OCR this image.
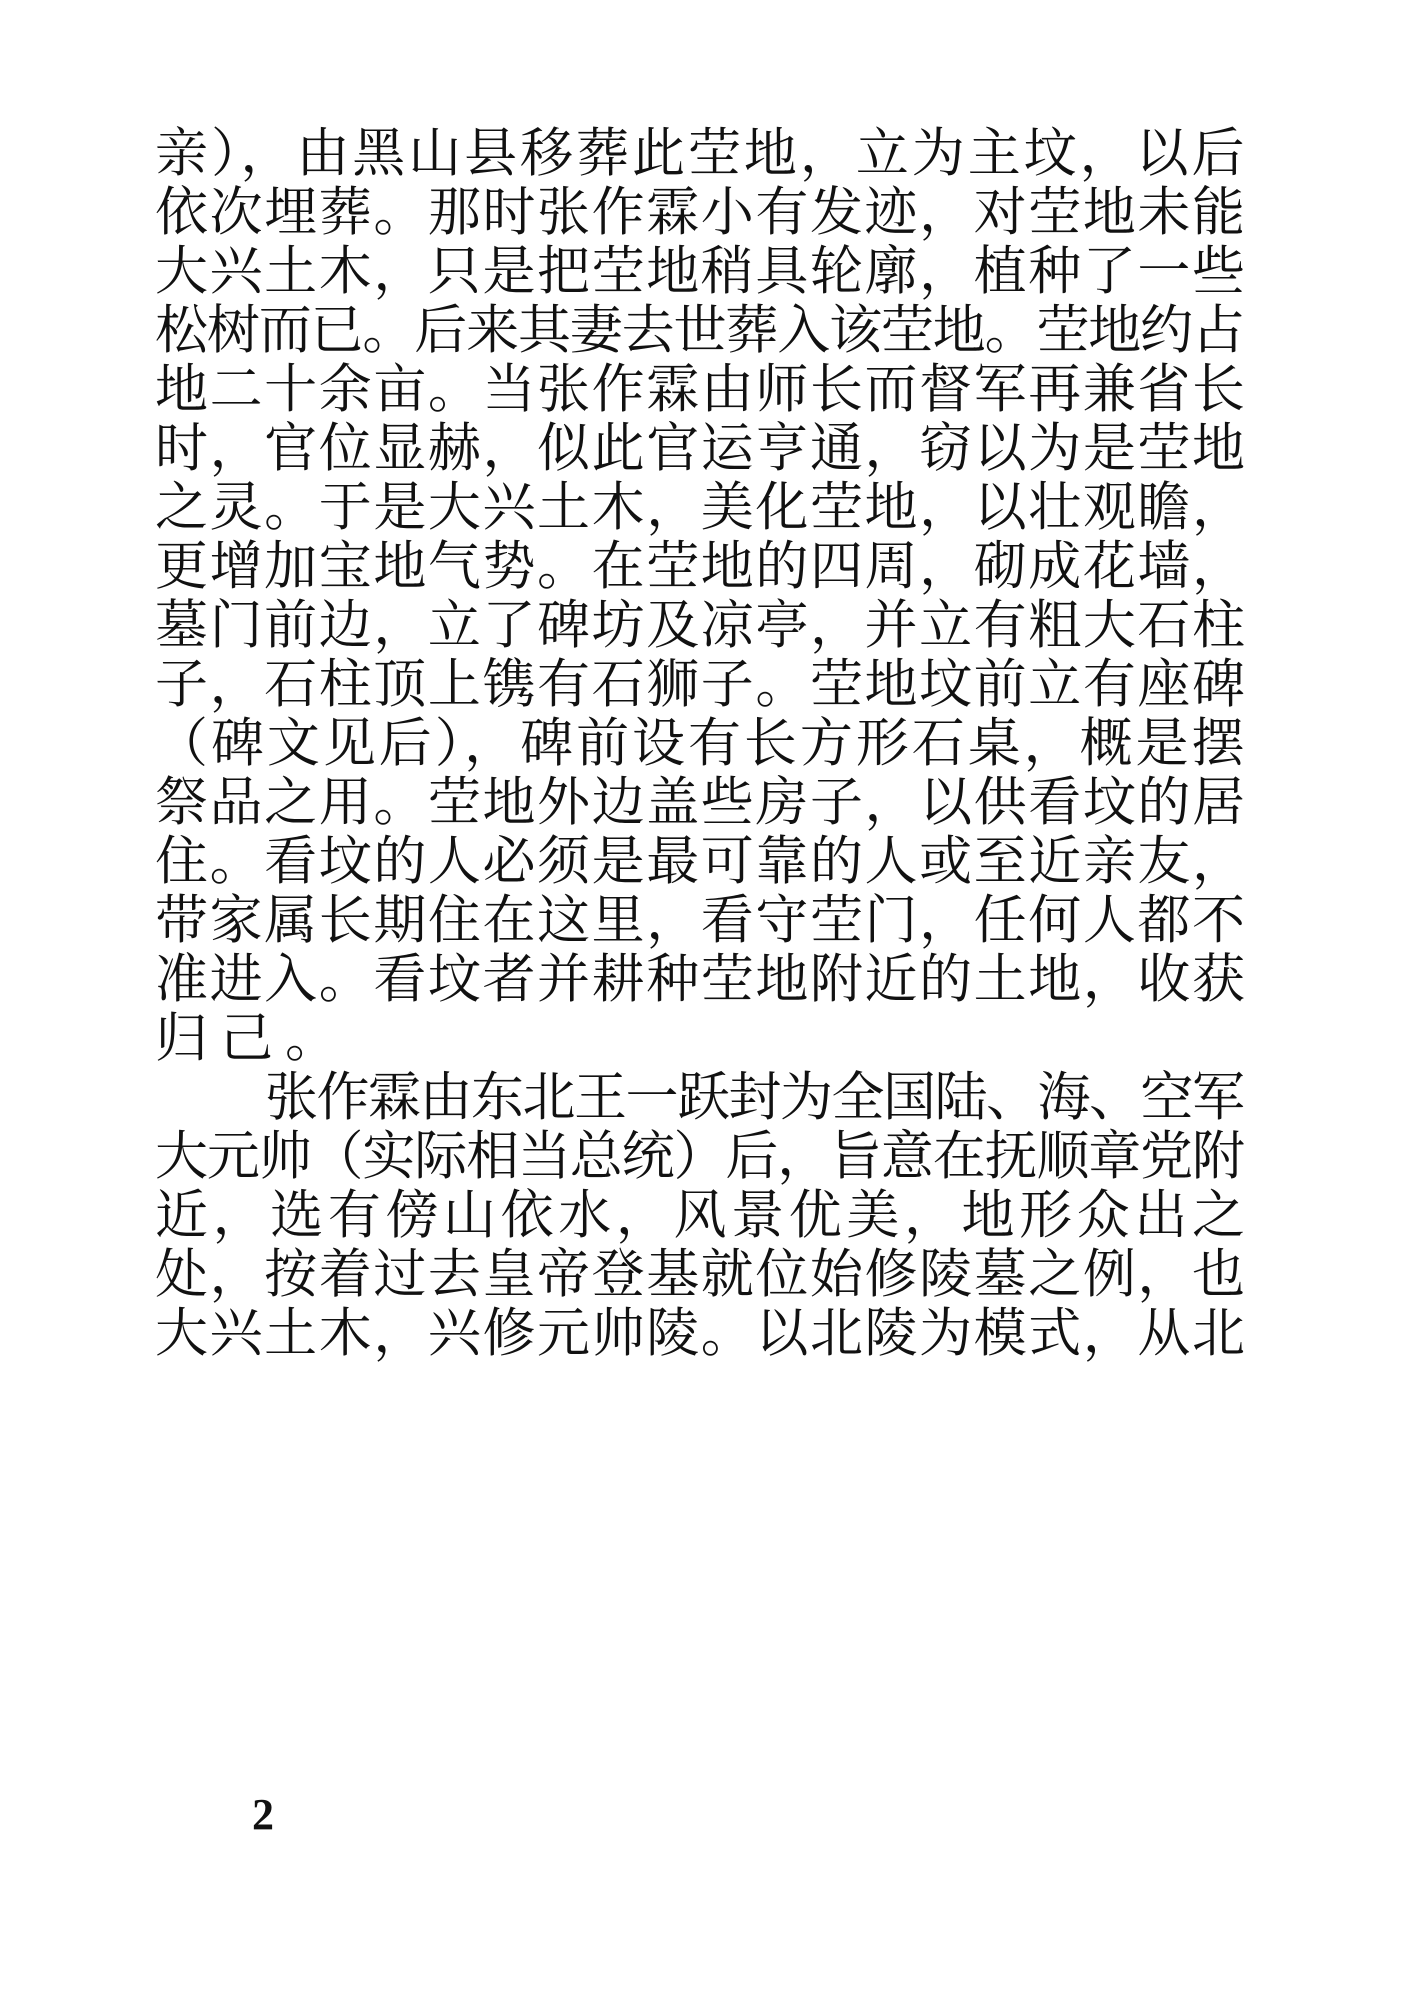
亲），由黑山县移葬此茔地，立为主坟，以后
依次埋葬。那时张作霖小有发迹，对茔地未能
大兴土木，只是把茔地稍具轮廓，植种了一些
松树而已。后来其妻去世葬入该茔地。茔地约占
地二十余亩。当张作霖由师长而督军再兼省长
时，官位显赫，似此官运亨通，窃以为是茔地
之灵。于是大兴土木，美化茔地，以壮观瞻，
更增加宝地气势。在茔地的四周，砌成花墙，
墓门前边，立了碑坊及凉亭，并立有粗大石柱
子，石柱顶上镌有石狮子。茔地坟前立有座碑
（碑文见后），碑前设有长方形石桌，概是摆
祭品之用。茔地外边盖些房子，以供看坟的居
住。看坟的人必须是最可靠的人或至近亲友，
带家属长期住在这里，看守茔门，任何人都不
准进入。看坟者并耕种茔地附近的土地，收获
归己。
张作霖由东北王一跃封为全国陆、海、空军
大元帅（实际相当总统）后，旨意在抚顺章党附
近，选有傍山依水，风景优美，地形众出之
处，按着过去皇帝登基就位始修陵墓之例，也
大兴土木，兴修元帅陵。以北陵为模式，从北
2
